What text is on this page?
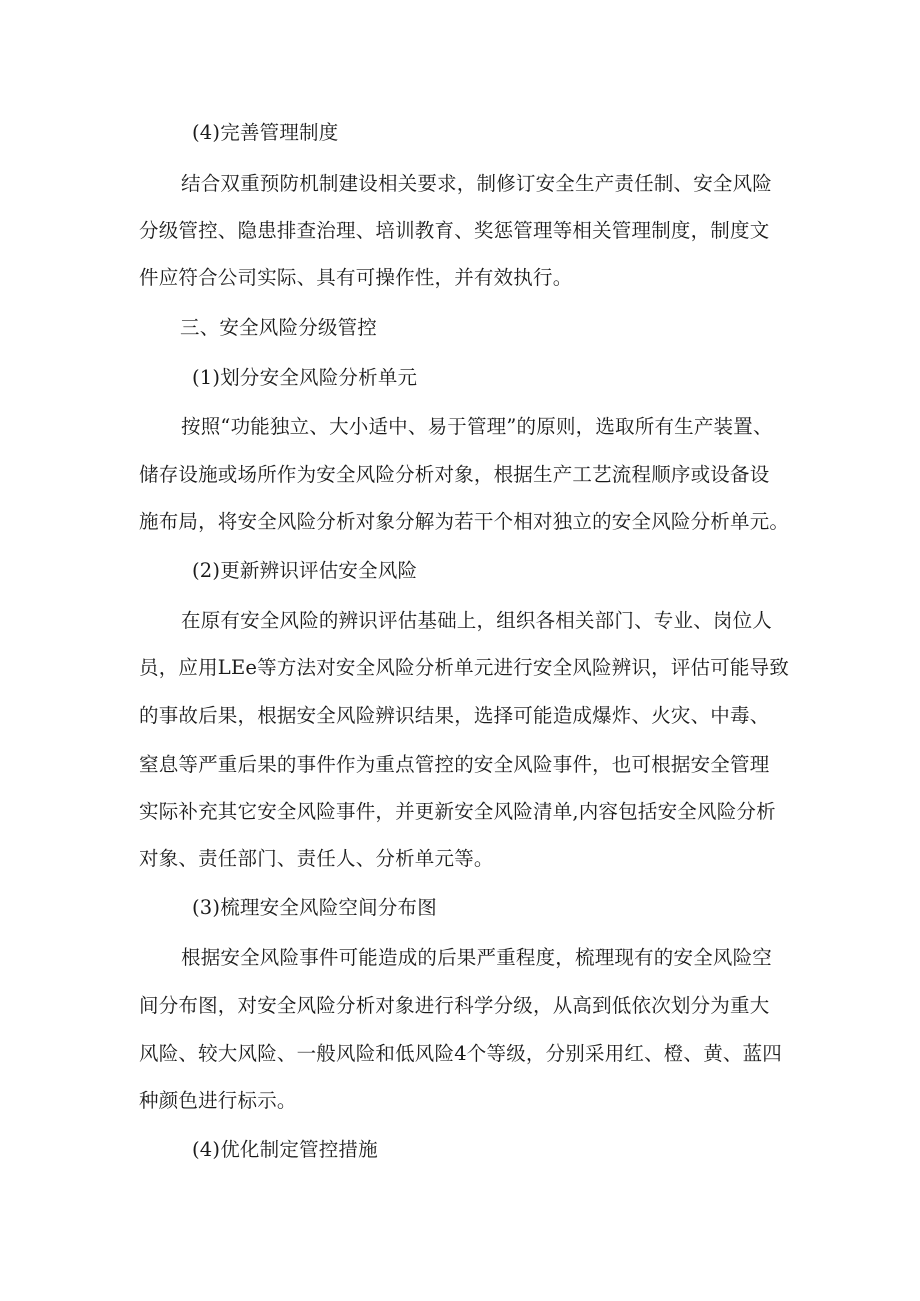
(4)完善管理制度

结合双重预防机制建设相关要求，制修订安全生产责任制、安全风险

分级管控、隐患排查治理、培训教育、奖惩管理等相关管理制度，制度文

件应符合公司实际、具有可操作性，并有效执行。

三、安全风险分级管控

(1)划分安全风险分析单元

按照“功能独立、大小适中、易于管理”的原则，选取所有生产装置、

储存设施或场所作为安全风险分析对象，根据生产工艺流程顺序或设备设

施布局，将安全风险分析对象分解为若干个相对独立的安全风险分析单元。

(2)更新辨识评估安全风险

在原有安全风险的辨识评估基础上，组织各相关部门、专业、岗位人

员，应用LEe等方法对安全风险分析单元进行安全风险辨识，评估可能导致

的事故后果，根据安全风险辨识结果，选择可能造成爆炸、火灾、中毒、

窒息等严重后果的事件作为重点管控的安全风险事件，也可根据安全管理

实际补充其它安全风险事件，并更新安全风险清单,内容包括安全风险分析

对象、责任部门、责任人、分析单元等。

(3)梳理安全风险空间分布图

根据安全风险事件可能造成的后果严重程度，梳理现有的安全风险空

间分布图，对安全风险分析对象进行科学分级，从高到低依次划分为重大

风险、较大风险、一般风险和低风险4个等级，分别采用红、橙、黄、蓝四

种颜色进行标示。

(4)优化制定管控措施
